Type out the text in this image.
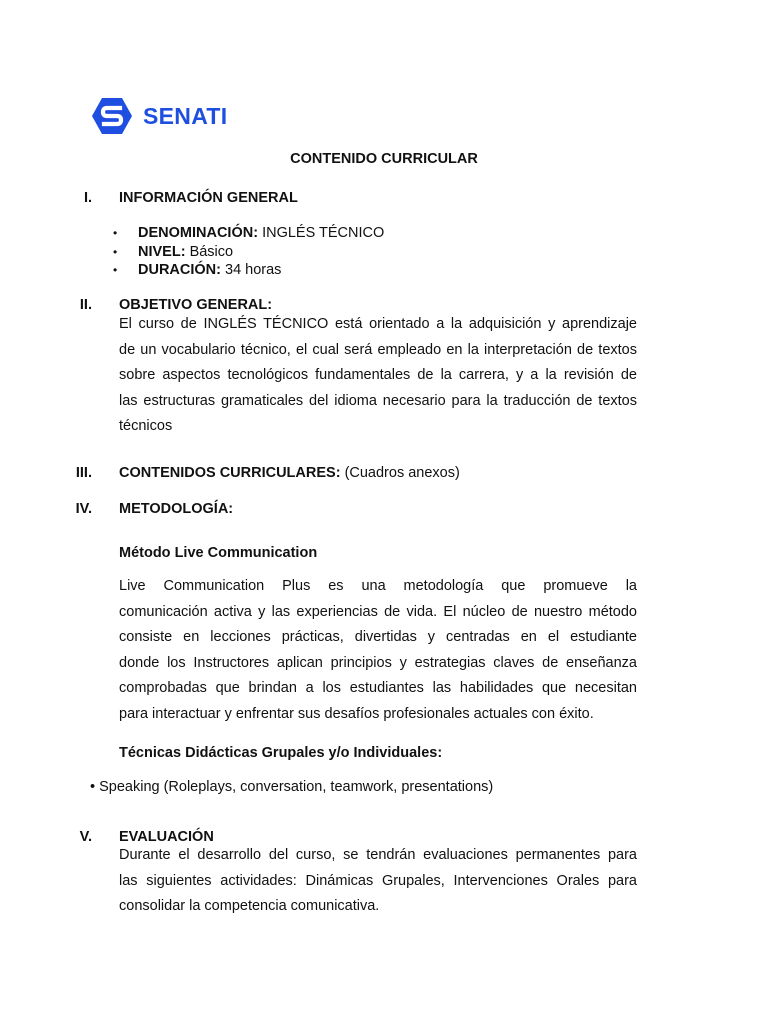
SENATI
CONTENIDO CURRICULAR
I. INFORMACIÓN GENERAL
• DENOMINACIÓN: INGLÉS TÉCNICO
• NIVEL: Básico
• DURACIÓN: 34 horas
II. OBJETIVO GENERAL:
El curso de INGLÉS TÉCNICO está orientado a la adquisición y aprendizaje
de un vocabulario técnico, el cual será empleado en la interpretación de textos
sobre aspectos tecnológicos fundamentales de la carrera, y a la revisión de
las estructuras gramaticales del idioma necesario para la traducción de textos
técnicos
III. CONTENIDOS CURRICULARES: (Cuadros anexos)
IV. METODOLOGÍA:
Método Live Communication
Live Communication Plus es una metodología que promueve la
comunicación activa y las experiencias de vida. El núcleo de nuestro método
consiste en lecciones prácticas, divertidas y centradas en el estudiante
donde los Instructores aplican principios y estrategias claves de enseñanza
comprobadas que brindan a los estudiantes las habilidades que necesitan
para interactuar y enfrentar sus desafíos profesionales actuales con éxito.
Técnicas Didácticas Grupales y/o Individuales:
• Speaking (Roleplays, conversation, teamwork, presentations)
V. EVALUACIÓN
Durante el desarrollo del curso, se tendrán evaluaciones permanentes para
las siguientes actividades: Dinámicas Grupales, Intervenciones Orales para
consolidar la competencia comunicativa.
